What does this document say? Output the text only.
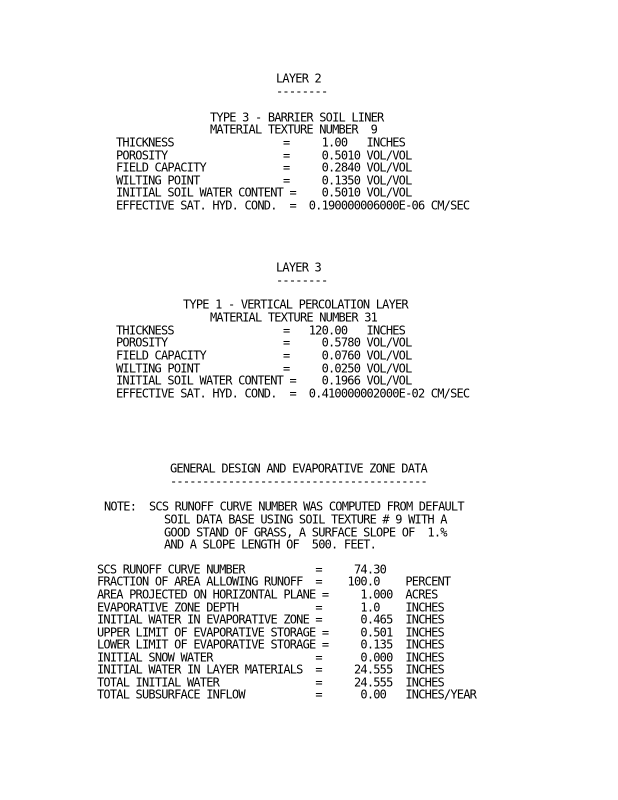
LAYER 2
--------
TYPE 3 - BARRIER SOIL LINER
MATERIAL TEXTURE NUMBER  9
THICKNESS                 =     1.00   INCHES
POROSITY                  =     0.5010 VOL/VOL
FIELD CAPACITY            =     0.2840 VOL/VOL
WILTING POINT             =     0.1350 VOL/VOL
INITIAL SOIL WATER CONTENT =    0.5010 VOL/VOL
EFFECTIVE SAT. HYD. COND.  =  0.190000006000E-06 CM/SEC
LAYER 3
--------
TYPE 1 - VERTICAL PERCOLATION LAYER
MATERIAL TEXTURE NUMBER 31
THICKNESS                 =   120.00   INCHES
POROSITY                  =     0.5780 VOL/VOL
FIELD CAPACITY            =     0.0760 VOL/VOL
WILTING POINT             =     0.0250 VOL/VOL
INITIAL SOIL WATER CONTENT =    0.1966 VOL/VOL
EFFECTIVE SAT. HYD. COND.  =  0.410000002000E-02 CM/SEC
GENERAL DESIGN AND EVAPORATIVE ZONE DATA
----------------------------------------
NOTE:  SCS RUNOFF CURVE NUMBER WAS COMPUTED FROM DEFAULT
SOIL DATA BASE USING SOIL TEXTURE # 9 WITH A
GOOD STAND OF GRASS, A SURFACE SLOPE OF  1.%
AND A SLOPE LENGTH OF  500. FEET.
SCS RUNOFF CURVE NUMBER           =     74.30
FRACTION OF AREA ALLOWING RUNOFF  =    100.0    PERCENT
AREA PROJECTED ON HORIZONTAL PLANE =     1.000  ACRES
EVAPORATIVE ZONE DEPTH            =      1.0    INCHES
INITIAL WATER IN EVAPORATIVE ZONE =      0.465  INCHES
UPPER LIMIT OF EVAPORATIVE STORAGE =     0.501  INCHES
LOWER LIMIT OF EVAPORATIVE STORAGE =     0.135  INCHES
INITIAL SNOW WATER                =      0.000  INCHES
INITIAL WATER IN LAYER MATERIALS  =     24.555  INCHES
TOTAL INITIAL WATER               =     24.555  INCHES
TOTAL SUBSURFACE INFLOW           =      0.00   INCHES/YEAR
